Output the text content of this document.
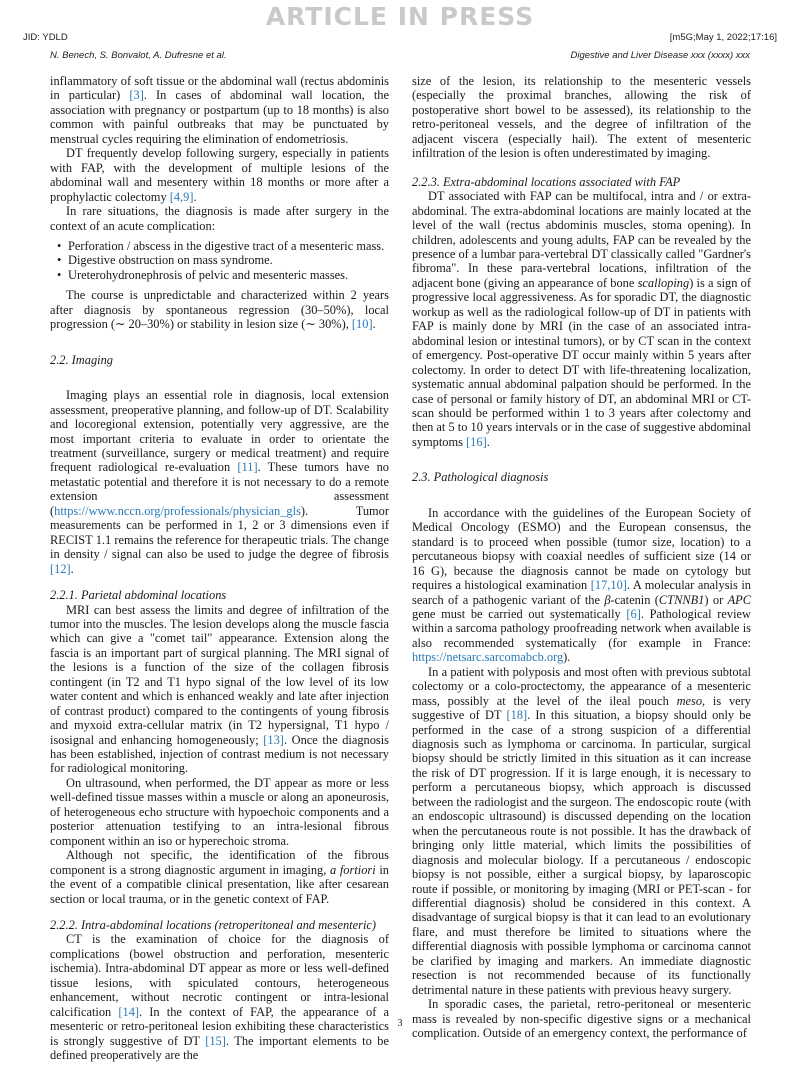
ARTICLE IN PRESS
JID: YDLD	[m5G;May 1, 2022;17:16]
N. Benech, S. Bonvalot, A. Dufresne et al.	Digestive and Liver Disease xxx (xxxx) xxx

inflammatory of soft tissue or the abdominal wall (rectus abdominis in particular) [3]. In cases of abdominal wall location, the association with pregnancy or postpartum (up to 18 months) is also common with painful outbreaks that may be punctuated by menstrual cycles requiring the elimination of endometriosis.

DT frequently develop following surgery, especially in patients with FAP, with the development of multiple lesions of the abdominal wall and mesentery within 18 months or more after a prophylactic colectomy [4,9].

In rare situations, the diagnosis is made after surgery in the context of an acute complication:

• Perforation / abscess in the digestive tract of a mesenteric mass.
• Digestive obstruction on mass syndrome.
• Ureterohydronephrosis of pelvic and mesenteric masses.

The course is unpredictable and characterized within 2 years after diagnosis by spontaneous regression (30–50%), local progression (∼ 20–30%) or stability in lesion size (∼ 30%), [10].

2.2. Imaging

Imaging plays an essential role in diagnosis, local extension assessment, preoperative planning, and follow-up of DT. Scalability and locoregional extension, potentially very aggressive, are the most important criteria to evaluate in order to orientate the treatment (surveillance, surgery or medical treatment) and require frequent radiological re-evaluation [11]. These tumors have no metastatic potential and therefore it is not necessary to do a remote extension assessment (https://www.nccn.org/professionals/physician_gls). Tumor measurements can be performed in 1, 2 or 3 dimensions even if RECIST 1.1 remains the reference for therapeutic trials. The change in density / signal can also be used to judge the degree of fibrosis [12].

2.2.1. Parietal abdominal locations

MRI can best assess the limits and degree of infiltration of the tumor into the muscles. The lesion develops along the muscle fascia which can give a "comet tail" appearance. Extension along the fascia is an important part of surgical planning. The MRI signal of the lesions is a function of the size of the collagen fibrosis contingent (in T2 and T1 hypo signal of the low level of its low water content and which is enhanced weakly and late after injection of contrast product) compared to the contingents of young fibrosis and myxoid extra-cellular matrix (in T2 hypersignal, T1 hypo / isosignal and enhancing homogeneously; [13]. Once the diagnosis has been established, injection of contrast medium is not necessary for radiological monitoring.

On ultrasound, when performed, the DT appear as more or less well-defined tissue masses within a muscle or along an aponeurosis, of heterogeneous echo structure with hypoechoic components and a posterior attenuation testifying to an intra-lesional fibrous component within an iso or hyperechoic stroma.

Although not specific, the identification of the fibrous component is a strong diagnostic argument in imaging, a fortiori in the event of a compatible clinical presentation, like after cesarean section or local trauma, or in the genetic context of FAP.

2.2.2. Intra-abdominal locations (retroperitoneal and mesenteric)

CT is the examination of choice for the diagnosis of complications (bowel obstruction and perforation, mesenteric ischemia). Intra-abdominal DT appear as more or less well-defined tissue lesions, with spiculated contours, heterogeneous enhancement, without necrotic contingent or intra-lesional calcification [14]. In the context of FAP, the appearance of a mesenteric or retro-peritoneal lesion exhibiting these characteristics is strongly suggestive of DT [15]. The important elements to be defined preoperatively are the

size of the lesion, its relationship to the mesenteric vessels (especially the proximal branches, allowing the risk of postoperative short bowel to be assessed), its relationship to the retro-peritoneal vessels, and the degree of infiltration of the adjacent viscera (especially hail). The extent of mesenteric infiltration of the lesion is often underestimated by imaging.

2.2.3. Extra-abdominal locations associated with FAP

DT associated with FAP can be multifocal, intra and / or extra-abdominal. The extra-abdominal locations are mainly located at the level of the wall (rectus abdominis muscles, stoma opening). In children, adolescents and young adults, FAP can be revealed by the presence of a lumbar para-vertebral DT classically called "Gardner's fibroma". In these para-vertebral locations, infiltration of the adjacent bone (giving an appearance of bone scalloping) is a sign of progressive local aggressiveness. As for sporadic DT, the diagnostic workup as well as the radiological follow-up of DT in patients with FAP is mainly done by MRI (in the case of an associated intra-abdominal lesion or intestinal tumors), or by CT scan in the context of emergency. Post-operative DT occur mainly within 5 years after colectomy. In order to detect DT with life-threatening localization, systematic annual abdominal palpation should be performed. In the case of personal or family history of DT, an abdominal MRI or CT-scan should be performed within 1 to 3 years after colectomy and then at 5 to 10 years intervals or in the case of suggestive abdominal symptoms [16].

2.3. Pathological diagnosis

In accordance with the guidelines of the European Society of Medical Oncology (ESMO) and the European consensus, the standard is to proceed when possible (tumor size, location) to a percutaneous biopsy with coaxial needles of sufficient size (14 or 16 G), because the diagnosis cannot be made on cytology but requires a histological examination [17,10]. A molecular analysis in search of a pathogenic variant of the β-catenin (CTNNB1) or APC gene must be carried out systematically [6]. Pathological review within a sarcoma pathology proofreading network when available is also recommended systematically (for example in France: https://netsarc.sarcomabcb.org).

In a patient with polyposis and most often with previous subtotal colectomy or a colo-proctectomy, the appearance of a mesenteric mass, possibly at the level of the ileal pouch meso, is very suggestive of DT [18]. In this situation, a biopsy should only be performed in the case of a strong suspicion of a differential diagnosis such as lymphoma or carcinoma. In particular, surgical biopsy should be strictly limited in this situation as it can increase the risk of DT progression. If it is large enough, it is necessary to perform a percutaneous biopsy, which approach is discussed between the radiologist and the surgeon. The endoscopic route (with an endoscopic ultrasound) is discussed depending on the location when the percutaneous route is not possible. It has the drawback of bringing only little material, which limits the possibilities of diagnosis and molecular biology. If a percutaneous / endoscopic biopsy is not possible, either a surgical biopsy, by laparoscopic route if possible, or monitoring by imaging (MRI or PET-scan - for differential diagnosis) sholud be considered in this context. A disadvantage of surgical biopsy is that it can lead to an evolutionary flare, and must therefore be limited to situations where the differential diagnosis with possible lymphoma or carcinoma cannot be clarified by imaging and markers. An immediate diagnostic resection is not recommended because of its functionally detrimental nature in these patients with previous heavy surgery.

In sporadic cases, the parietal, retro-peritoneal or mesenteric mass is revealed by non-specific digestive signs or a mechanical complication. Outside of an emergency context, the performance of

3
